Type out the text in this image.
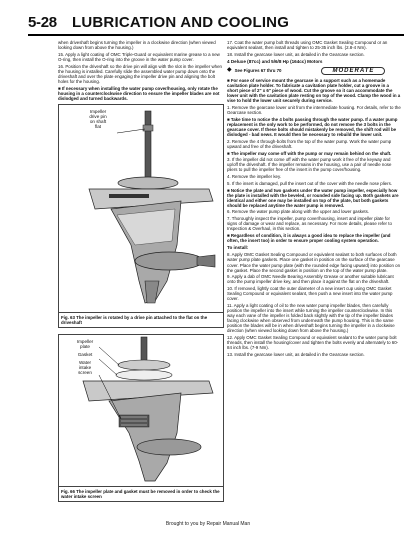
5-28 LUBRICATION AND COOLING

when driveshaft begins turning the impeller in a clockwise direction (when viewed looking down from above the housing.)

15. Apply a light coating of OMC Triple-Guard or equivalent marine grease to a new O-ring, then install the O-ring into the groove in the water pump cover.

16. Position the driveshaft so the drive pin will align with the slot in the impeller when the housing is installed. Carefully slide the assembled water pump down onto the driveshaft and over the plate engaging the impeller drive pin and aligning the bolt holes for the housing.

■ If necessary when installing the water pump cover/housing, only rotate the housing in a counterclockwise direction to ensure the impeller blades are not dislodged and turned backwards.

Impeller
drive pin
on shaft
flat
Fig. 63 The impeller is rotated by a drive pin attached to the flat on the driveshaft
Impeller
plate
Gasket
Water
intake
screen
Fig. 66 The impeller plate and gasket must be removed in order to check the water intake screen

17. Coat the water pump bolt threads using OMC Gasket Sealing Compound or an equivalent sealant, then install and tighten to 25-35 inch lbs. (2.8-4 Nm).

18. Install the gearcase lower unit, as detailed in the Gearcase section.

4 Deluxe (87cc) and 5/6/8 Hp (164cc) Motors
◆ See Figures 67 thru 70	MODERATE

■ For ease of service mount the gearcase in a support such as a homemade cavitation plate holder. To fabricate a cavitation plate holder, cut a groove in a short piece of 2" x 6" piece of wood. Cut the groove so it can accommodate the lower unit with the cavitation plate resting on top of the wood. Clamp the wood in a vise to hold the lower unit securely during service.

1. Remove the gearcase lower unit from the intermediate housing. For details, refer to the Gearcase section.

■ Take time to notice the 4 bolts passing through the water pump. If a water pump replacement is the only work to be performed, do not remove the 3 bolts in the gearcase cover. If these bolts should mistakenly be removed, the shift rod will be dislodged - bad news. It would then be necessary to rebuild the lower unit.

2. Remove the 4 through-bolts from the top of the water pump. Work the water pump upward and free of the driveshaft.

■ The impeller may come off with the pump or may remain behind on the shaft.

3. If the impeller did not come off with the water pump work it free of the keyway and up/off the driveshaft. If the impeller remains in the housing, use a pair of needle nose pliers to pull the impeller free of the insert in the pump cover/housing.

4. Remove the impeller key.

5. If the insert is damaged, pull the insert out of the cover with the needle nose pliers.

■ Notice the plate and two gaskets under the water pump impeller, especially how the plate is installed with the beveled, or rounded side facing up. Both gaskets are identical and either one may be installed on top of the plate, but both gaskets should be replaced anytime the water pump is removed.

6. Remove the water pump plate along with the upper and lower gaskets.

7. Thoroughly inspect the impeller, pump cover/housing, insert and impeller plate for signs of damage or wear and replace, as necessary. For more details, please refer to Inspection & Overhaul, in this section.

■ Regardless of condition, it is always a good idea to replace the impeller (and often, the insert too) in order to ensure proper cooling system operation.

To install:

8. Apply OMC Gasket Sealing Compound or equivalent sealant to both surfaces of both water pump plate gaskets. Place one gasket in position on the surface of the gearcase cover. Place the water pump plate (with the rounded edge facing upward) into position on the gasket. Place the second gasket in position on the top of the water pump plate.

9. Apply a dab of OMC Needle Bearing Assembly Grease or another suitable lubricant onto the pump impeller drive key, and then place it against the flat on the driveshaft.

10. If removed, lightly coat the outer diameter of a new insert cup using OMC Gasket Sealing Compound or equivalent sealant, then push a new insert into the water pump cover.

11. Apply a light coating of oil to the new water pump impeller blades, then carefully position the impeller into the insert while turning the impeller counterclockwise. In this way each vane of the impeller is folded back slightly with the tip of the impeller blades facing clockwise when observed from underneath the pump housing. This is the same position the blades will be in when driveshaft begins turning the impeller in a clockwise direction (when viewed looking down from above the housing.)

12. Apply OMC Gasket Sealing Compound or equivalent sealant to the water pump bolt threads, then install the housing/cover and tighten the bolts evenly and alternately to 60-84 inch lbs. (7-9 Nm).

13. Install the gearcase lower unit, as detailed in the Gearcase section.

Brought to you by Repair Manual Man
